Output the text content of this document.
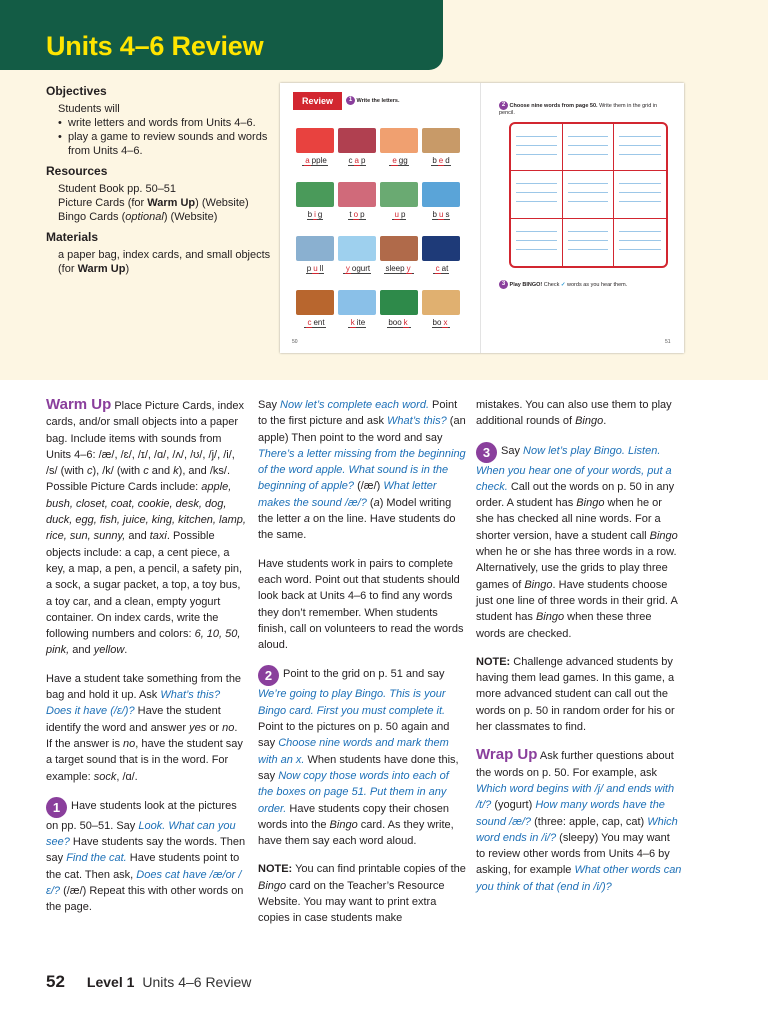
Units 4–6 Review
Objectives
Students will
• write letters and words from Units 4–6.
• play a game to review sounds and words from Units 4–6.
Resources
Student Book pp. 50–51
Picture Cards (for Warm Up) (Website)
Bingo Cards (optional) (Website)
Materials
a paper bag, index cards, and small objects (for Warm Up)
Review	1 Write the letters.
50
a pple	c a p	e gg	b e d
b i g	t o p	u p	b u s
p u ll	y ogurt	sleep y	c at
c ent	k ite	boo k	bo x
2 Choose nine words from page 50. Write them in the grid in pencil.
3 Play BINGO! Check ✓ words as you hear them.
51

Warm Up Place Picture Cards, index cards, and/or small objects into a paper bag. Include items with sounds from Units 4–6: /æ/, /ɛ/, /ɪ/, /ɑ/, /ʌ/, /ʊ/, /j/, /i/, /s/ (with c), /k/ (with c and k), and /ks/. Possible Picture Cards include: apple, bush, closet, coat, cookie, desk, dog, duck, egg, fish, juice, king, kitchen, lamp, rice, sun, sunny, and taxi. Possible objects include: a cap, a cent piece, a key, a map, a pen, a pencil, a safety pin, a sock, a sugar packet, a top, a toy bus, a toy car, and a clean, empty yogurt container. On index cards, write the following numbers and colors: 6, 10, 50, pink, and yellow.

Have a student take something from the bag and hold it up. Ask What’s this? Does it have (/ɛ/)? Have the student identify the word and answer yes or no. If the answer is no, have the student say a target sound that is in the word. For example: sock, /ɑ/.

1 Have students look at the pictures on pp. 50–51. Say Look. What can you see? Have students say the words. Then say Find the cat. Have students point to the cat. Then ask, Does cat have /æ/or /ɛ/? (/æ/) Repeat this with other words on the page.

Say Now let’s complete each word. Point to the first picture and ask What’s this? (an apple) Then point to the word and say There’s a letter missing from the beginning of the word apple. What sound is in the beginning of apple? (/æ/) What letter makes the sound /æ/? (a) Model writing the letter a on the line. Have students do the same.

Have students work in pairs to complete each word. Point out that students should look back at Units 4–6 to find any words they don’t remember. When students finish, call on volunteers to read the words aloud.

2 Point to the grid on p. 51 and say We’re going to play Bingo. This is your Bingo card. First you must complete it. Point to the pictures on p. 50 again and say Choose nine words and mark them with an x. When students have done this, say Now copy those words into each of the boxes on page 51. Put them in any order. Have students copy their chosen words into the Bingo card. As they write, have them say each word aloud.

NOTE: You can find printable copies of the Bingo card on the Teacher’s Resource Website. You may want to print extra copies in case students make

mistakes. You can also use them to play additional rounds of Bingo.

3 Say Now let’s play Bingo. Listen. When you hear one of your words, put a check. Call out the words on p. 50 in any order. A student has Bingo when he or she has checked all nine words. For a shorter version, have a student call Bingo when he or she has three words in a row. Alternatively, use the grids to play three games of Bingo. Have students choose just one line of three words in their grid. A student has Bingo when these three words are checked.

NOTE: Challenge advanced students by having them lead games. In this game, a more advanced student can call out the words on p. 50 in random order for his or her classmates to find.

Wrap Up Ask further questions about the words on p. 50. For example, ask Which word begins with /j/ and ends with /t/? (yogurt) How many words have the sound /æ/? (three: apple, cap, cat) Which word ends in /i/? (sleepy) You may want to review other words from Units 4–6 by asking, for example What other words can you think of that (end in /i/)?

52 Level 1 Units 4–6 Review
